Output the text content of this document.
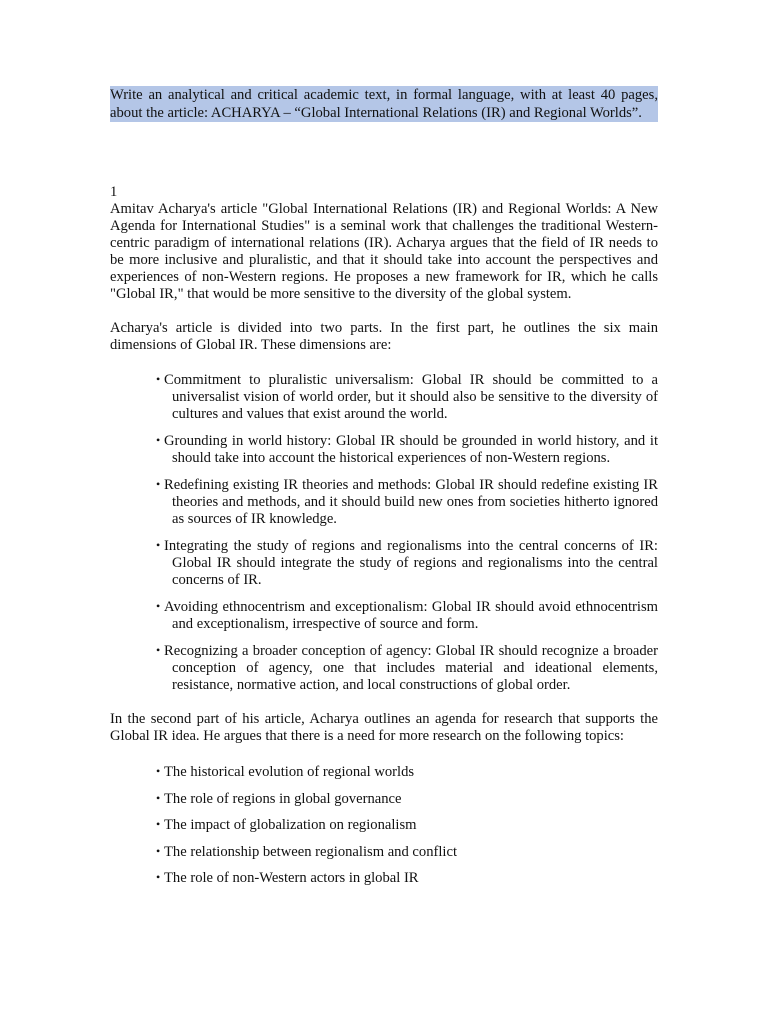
Write an analytical and critical academic text, in formal language, with at least 40 pages, about the article: ACHARYA – “Global International Relations (IR) and Regional Worlds”.

1

Amitav Acharya's article "Global International Relations (IR) and Regional Worlds: A New Agenda for International Studies" is a seminal work that challenges the traditional Western-centric paradigm of international relations (IR). Acharya argues that the field of IR needs to be more inclusive and pluralistic, and that it should take into account the perspectives and experiences of non-Western regions. He proposes a new framework for IR, which he calls "Global IR," that would be more sensitive to the diversity of the global system.

Acharya's article is divided into two parts. In the first part, he outlines the six main dimensions of Global IR. These dimensions are:

• Commitment to pluralistic universalism: Global IR should be committed to a universalist vision of world order, but it should also be sensitive to the diversity of cultures and values that exist around the world.
• Grounding in world history: Global IR should be grounded in world history, and it should take into account the historical experiences of non-Western regions.
• Redefining existing IR theories and methods: Global IR should redefine existing IR theories and methods, and it should build new ones from societies hitherto ignored as sources of IR knowledge.
• Integrating the study of regions and regionalisms into the central concerns of IR: Global IR should integrate the study of regions and regionalisms into the central concerns of IR.
• Avoiding ethnocentrism and exceptionalism: Global IR should avoid ethnocentrism and exceptionalism, irrespective of source and form.
• Recognizing a broader conception of agency: Global IR should recognize a broader conception of agency, one that includes material and ideational elements, resistance, normative action, and local constructions of global order.

In the second part of his article, Acharya outlines an agenda for research that supports the Global IR idea. He argues that there is a need for more research on the following topics:

• The historical evolution of regional worlds
• The role of regions in global governance
• The impact of globalization on regionalism
• The relationship between regionalism and conflict
• The role of non-Western actors in global IR
